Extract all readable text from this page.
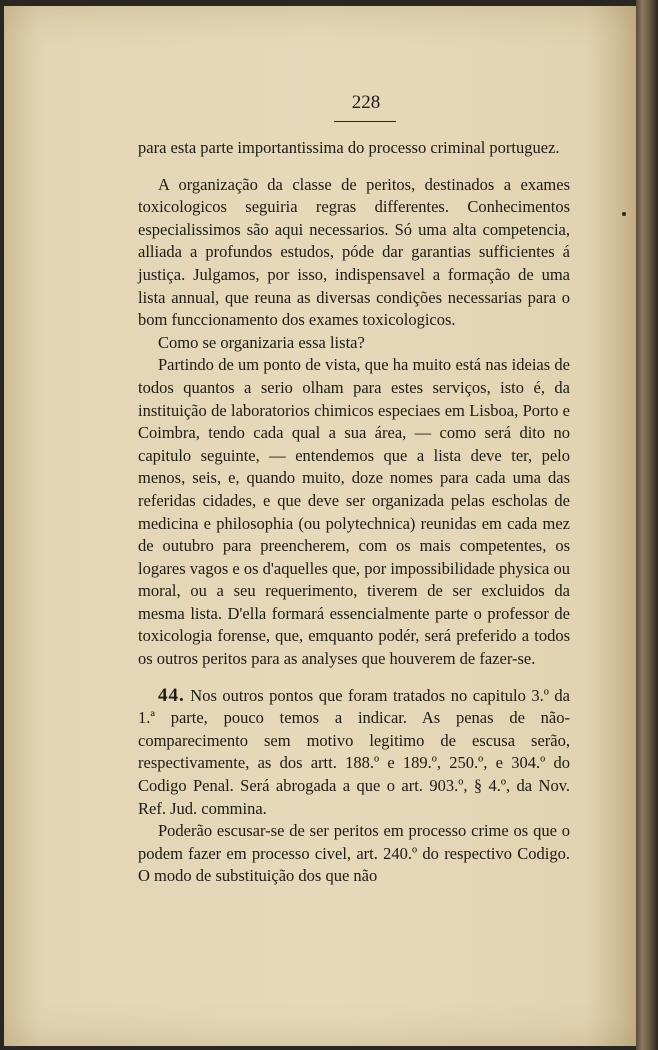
228

para esta parte importantissima do processo criminal portuguez.

A organização da classe de peritos, destinados a exames toxicologicos seguiria regras differentes. Conhecimentos especialissimos são aqui necessarios. Só uma alta competencia, alliada a profundos estudos, póde dar garantias sufficientes á justiça. Julgamos, por isso, indispensavel a formação de uma lista annual, que reuna as diversas condições necessarias para o bom funccionamento dos exames toxicologicos.

Como se organizaria essa lista?

Partindo de um ponto de vista, que ha muito está nas ideias de todos quantos a serio olham para estes serviços, isto é, da instituição de laboratorios chimicos especiaes em Lisboa, Porto e Coimbra, tendo cada qual a sua área, — como será dito no capitulo seguinte, — entendemos que a lista deve ter, pelo menos, seis, e, quando muito, doze nomes para cada uma das referidas cidades, e que deve ser organizada pelas escholas de medicina e philosophia (ou polytechnica) reunidas em cada mez de outubro para preencherem, com os mais competentes, os logares vagos e os d'aquelles que, por impossibilidade physica ou moral, ou a seu requerimento, tiverem de ser excluidos da mesma lista. D'ella formará essencialmente parte o professor de toxicologia forense, que, emquanto podér, será preferido a todos os outros peritos para as analyses que houverem de fazer-se.

44. Nos outros pontos que foram tratados no capitulo 3.º da 1.ª parte, pouco temos a indicar. As penas de não-comparecimento sem motivo legitimo de escusa serão, respectivamente, as dos artt. 188.º e 189.º, 250.º, e 304.º do Codigo Penal. Será abrogada a que o art. 903.º, § 4.º, da Nov. Ref. Jud. commina.

Poderão escusar-se de ser peritos em processo crime os que o podem fazer em processo civel, art. 240.º do respectivo Codigo. O modo de substituição dos que não
